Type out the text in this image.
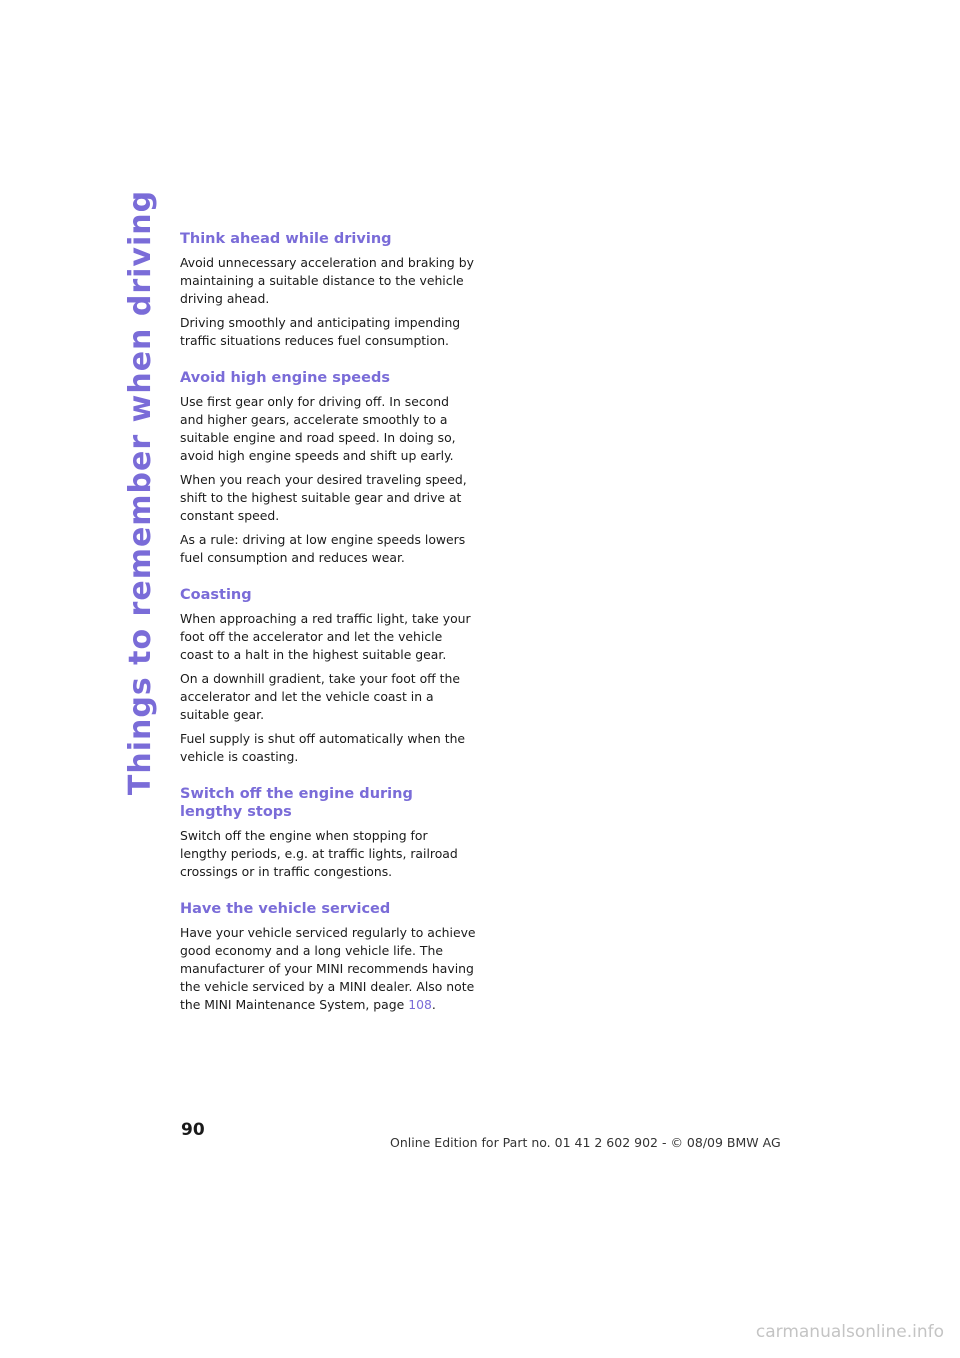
Things to remember when driving Think ahead while driving

Avoid unnecessary acceleration and braking by maintaining a suitable distance to the vehicle driving ahead.

Driving smoothly and anticipating impending traffic situations reduces fuel consumption.

Avoid high engine speeds

Use first gear only for driving off. In second and higher gears, accelerate smoothly to a suitable engine and road speed. In doing so, avoid high engine speeds and shift up early.

When you reach your desired traveling speed, shift to the highest suitable gear and drive at constant speed.

As a rule: driving at low engine speeds lowers fuel consumption and reduces wear.

Coasting

When approaching a red traffic light, take your foot off the accelerator and let the vehicle coast to a halt in the highest suitable gear.

On a downhill gradient, take your foot off the accelerator and let the vehicle coast in a suitable gear.

Fuel supply is shut off automatically when the vehicle is coasting.

Switch off the engine during lengthy stops

Switch off the engine when stopping for lengthy periods, e.g. at traffic lights, railroad crossings or in traffic congestions.

Have the vehicle serviced

Have your vehicle serviced regularly to achieve good economy and a long vehicle life. The manufacturer of your MINI recommends having the vehicle serviced by a MINI dealer. Also note the MINI Maintenance System, page 108.

90
Online Edition for Part no. 01 41 2 602 902 - © 08/09 BMW AG
carmanualsonline.info
